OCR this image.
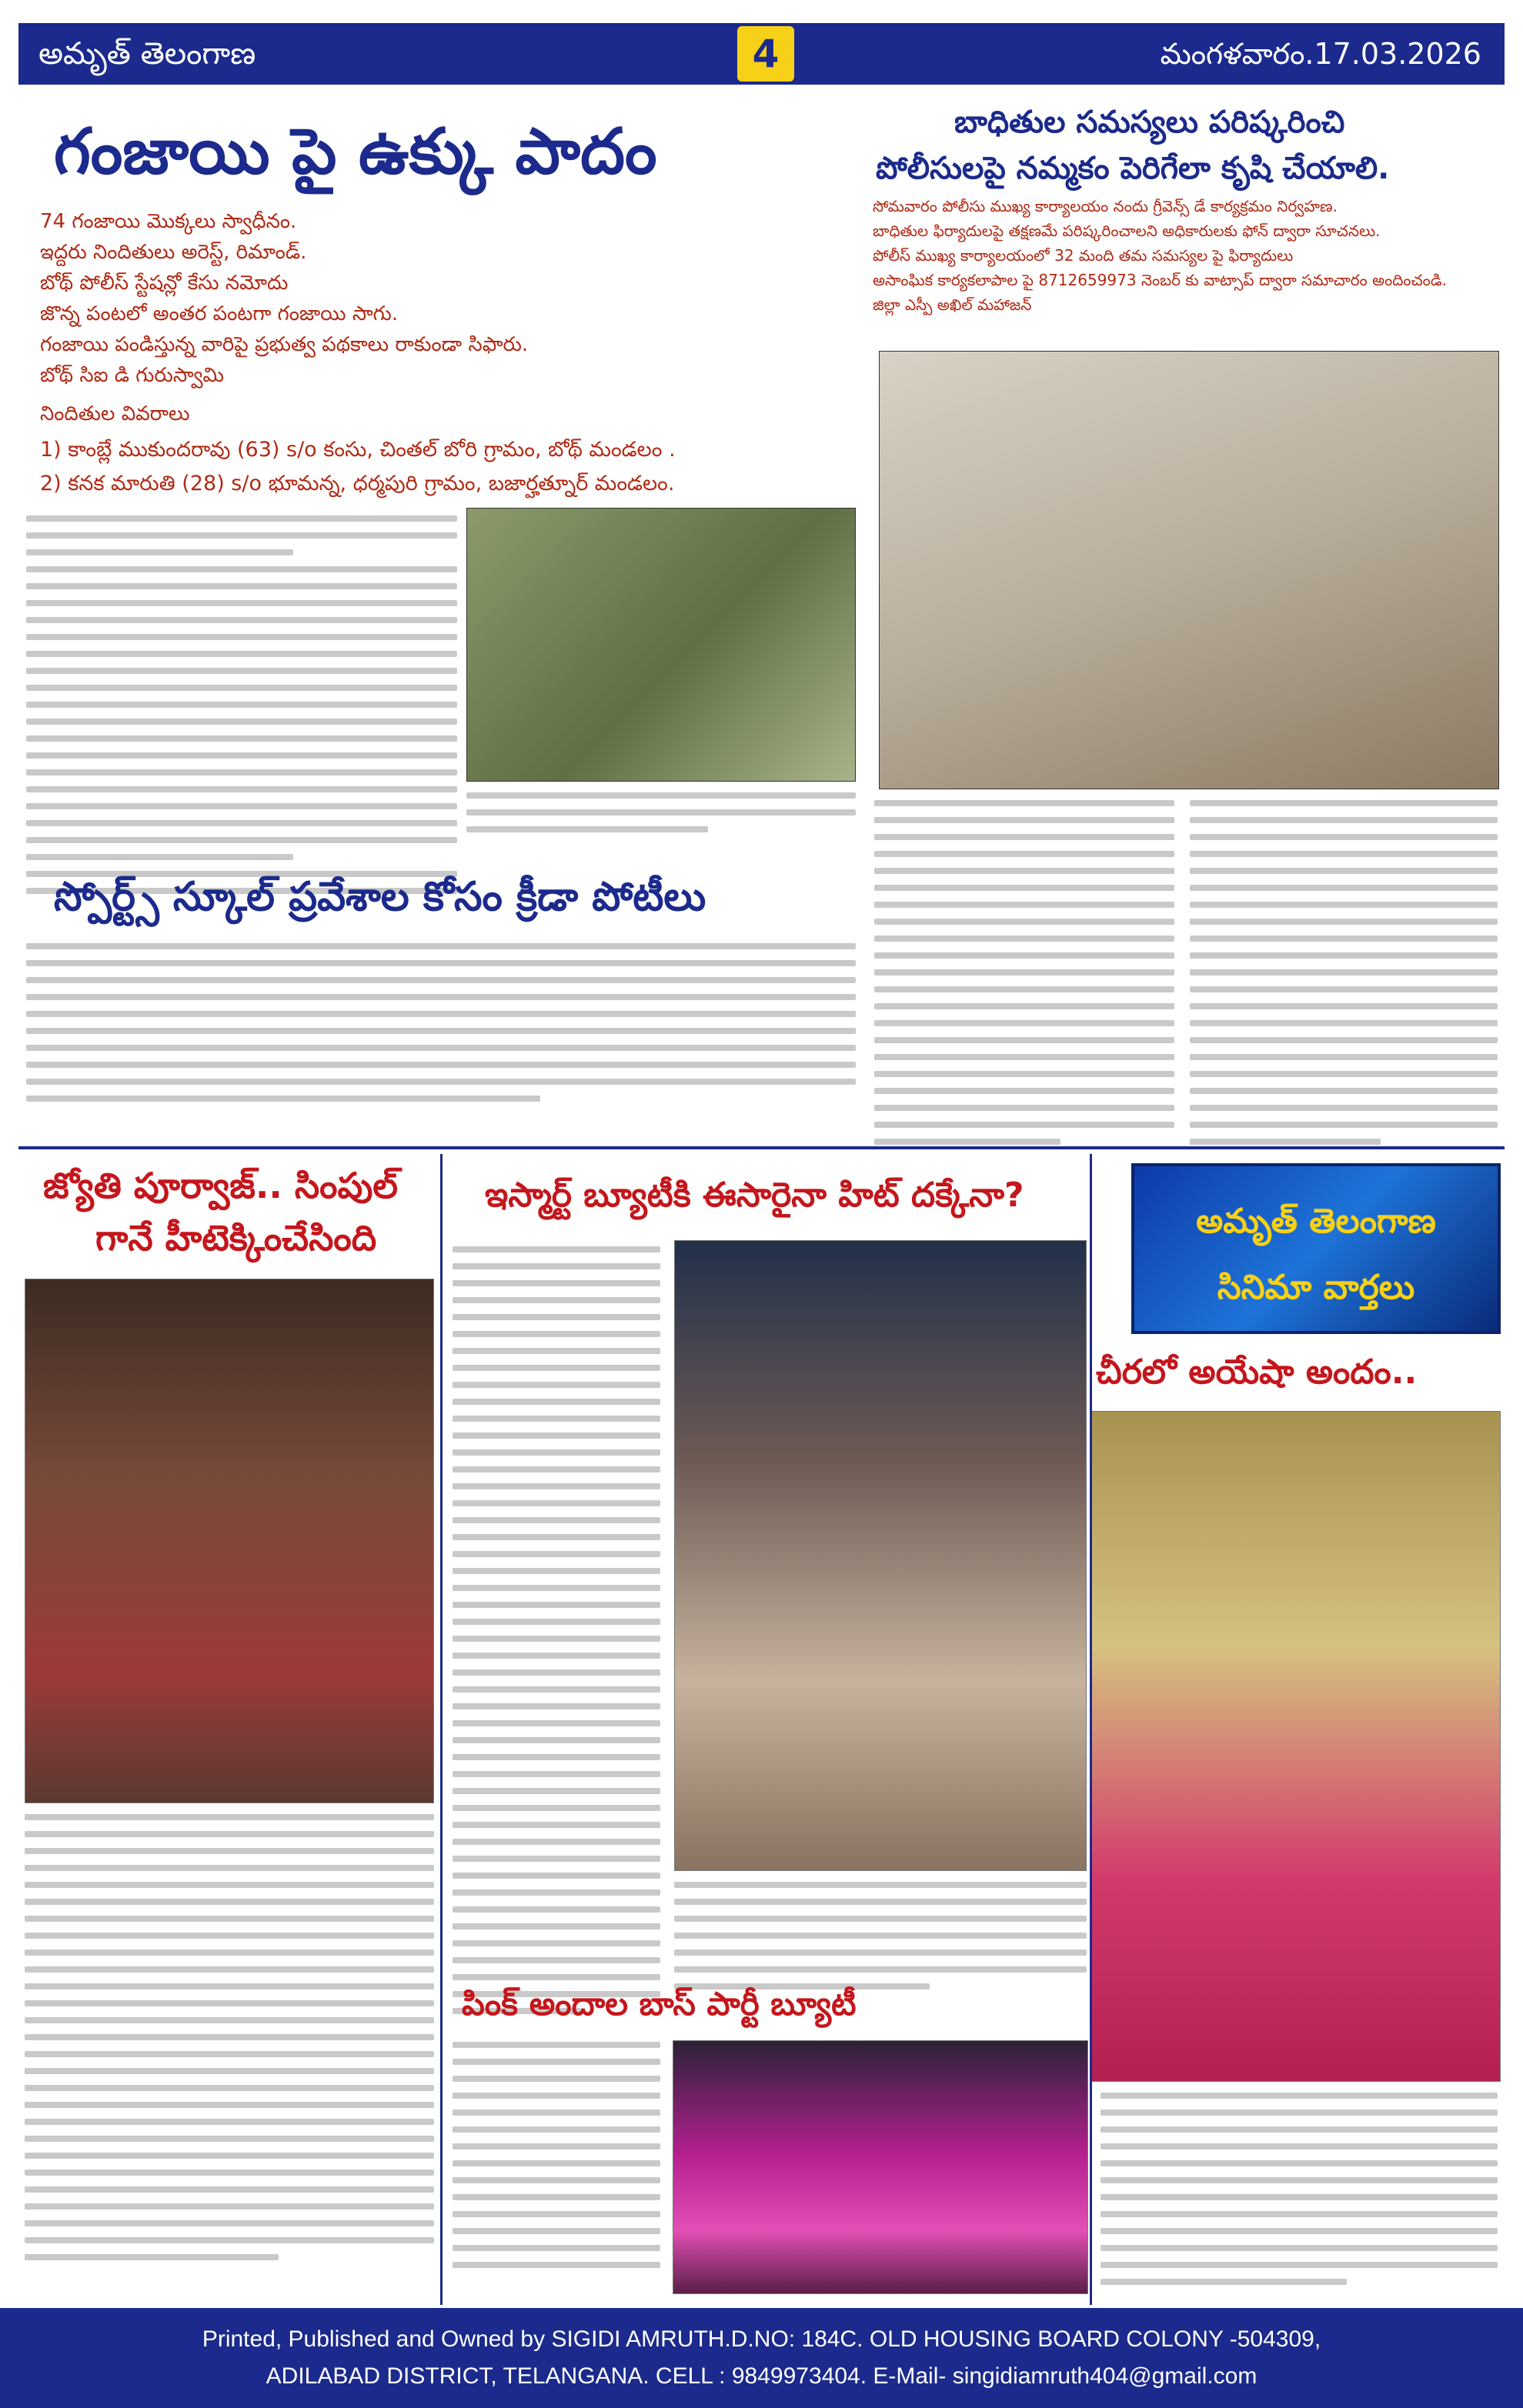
అమృత్ తెలంగాణ	4	మంగళవారం.17.03.2026
గంజాయి పై ఉక్కు పాదం
74 గంజాయి మొక్కలు స్వాధీనం.
ఇద్దరు నిందితులు అరెస్ట్, రిమాండ్.
బోథ్ పోలీస్ స్టేషన్లో కేసు నమోదు
జొన్న పంటలో అంతర పంటగా గంజాయి సాగు.
గంజాయి పండిస్తున్న వారిపై ప్రభుత్వ పథకాలు రాకుండా సిఫారు.
బోథ్ సిఐ డి గురుస్వామి
నిందితుల వివరాలు
1) కాంబ్లే ముకుందరావు (63) s/o కంసు, చింతల్ బోరి గ్రామం, బోథ్ మండలం .
2) కనక మారుతి (28) s/o భూమన్న, ధర్మపురి గ్రామం, బజార్హత్నూర్ మండలం.
బాధితుల సమస్యలు పరిష్కరించి
పోలీసులపై నమ్మకం పెరిగేలా కృషి చేయాలి.
సోమవారం పోలీసు ముఖ్య కార్యాలయం నందు గ్రీవెన్స్ డే కార్యక్రమం నిర్వహణ.
బాధితుల ఫిర్యాదులపై తక్షణమే పరిష్కరించాలని అధికారులకు ఫోన్ ద్వారా సూచనలు.
పోలీస్ ముఖ్య కార్యాలయంలో 32 మంది తమ సమస్యల పై ఫిర్యాదులు
అసాంఘిక కార్యకలాపాల పై 8712659973 నెంబర్ కు వాట్సాప్ ద్వారా సమాచారం అందించండి.
జిల్లా ఎస్పీ అఖిల్ మహాజన్
స్పోర్ట్స్ స్కూల్ ప్రవేశాల కోసం క్రీడా పోటీలు
జ్యోతి పూర్వాజ్.. సింపుల్
గానే హీటెక్కించేసింది
ఇస్మార్ట్ బ్యూటీకి ఈసారైనా హిట్ దక్కేనా?
పింక్ అందాల బాస్ పార్టీ బ్యూటీ
అమృత్ తెలంగాణ
సినిమా వార్తలు
చీరలో అయేషా అందం..
Printed, Published and Owned by SIGIDI AMRUTH.D.NO: 184C. OLD HOUSING BOARD COLONY -504309,
ADILABAD DISTRICT, TELANGANA. CELL : 9849973404. E-Mail- singidiamruth404@gmail.com
